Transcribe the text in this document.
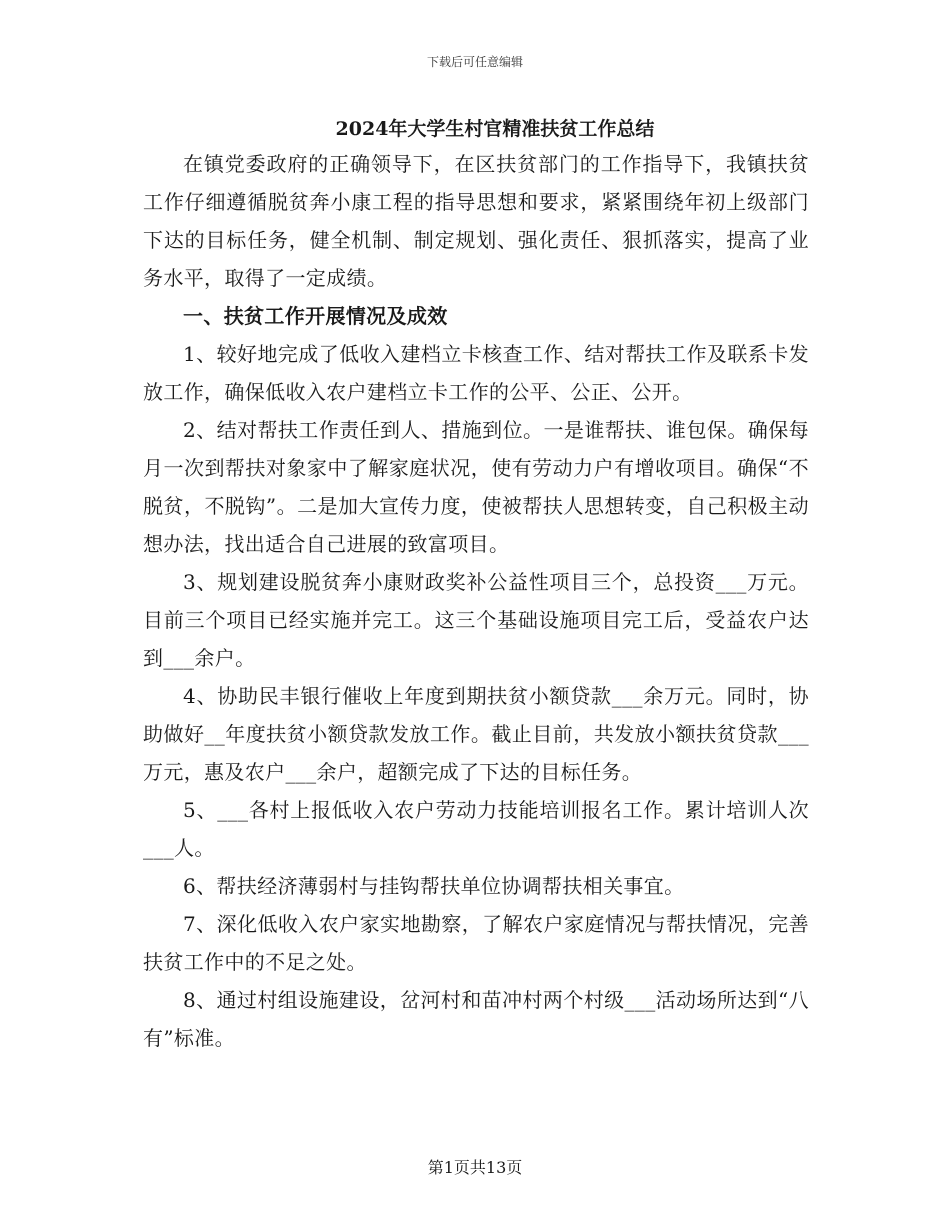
下载后可任意编辑
2024年大学生村官精准扶贫工作总结

在镇党委政府的正确领导下，在区扶贫部门的工作指导下，我镇扶贫工作仔细遵循脱贫奔小康工程的指导思想和要求，紧紧围绕年初上级部门下达的目标任务，健全机制、制定规划、强化责任、狠抓落实，提高了业务水平，取得了一定成绩。

一、扶贫工作开展情况及成效

1、较好地完成了低收入建档立卡核查工作、结对帮扶工作及联系卡发放工作，确保低收入农户建档立卡工作的公平、公正、公开。

2、结对帮扶工作责任到人、措施到位。一是谁帮扶、谁包保。确保每月一次到帮扶对象家中了解家庭状况，使有劳动力户有增收项目。确保“不脱贫，不脱钩”。二是加大宣传力度，使被帮扶人思想转变，自己积极主动想办法，找出适合自己进展的致富项目。

3、规划建设脱贫奔小康财政奖补公益性项目三个，总投资___万元。目前三个项目已经实施并完工。这三个基础设施项目完工后，受益农户达到___余户。

4、协助民丰银行催收上年度到期扶贫小额贷款___余万元。同时，协助做好__年度扶贫小额贷款发放工作。截止目前，共发放小额扶贫贷款___万元，惠及农户___余户，超额完成了下达的目标任务。

5、___各村上报低收入农户劳动力技能培训报名工作。累计培训人次___人。

6、帮扶经济薄弱村与挂钩帮扶单位协调帮扶相关事宜。

7、深化低收入农户家实地勘察，了解农户家庭情况与帮扶情况，完善扶贫工作中的不足之处。

8、通过村组设施建设，岔河村和苗冲村两个村级___活动场所达到“八有”标准。

第1页共13页
